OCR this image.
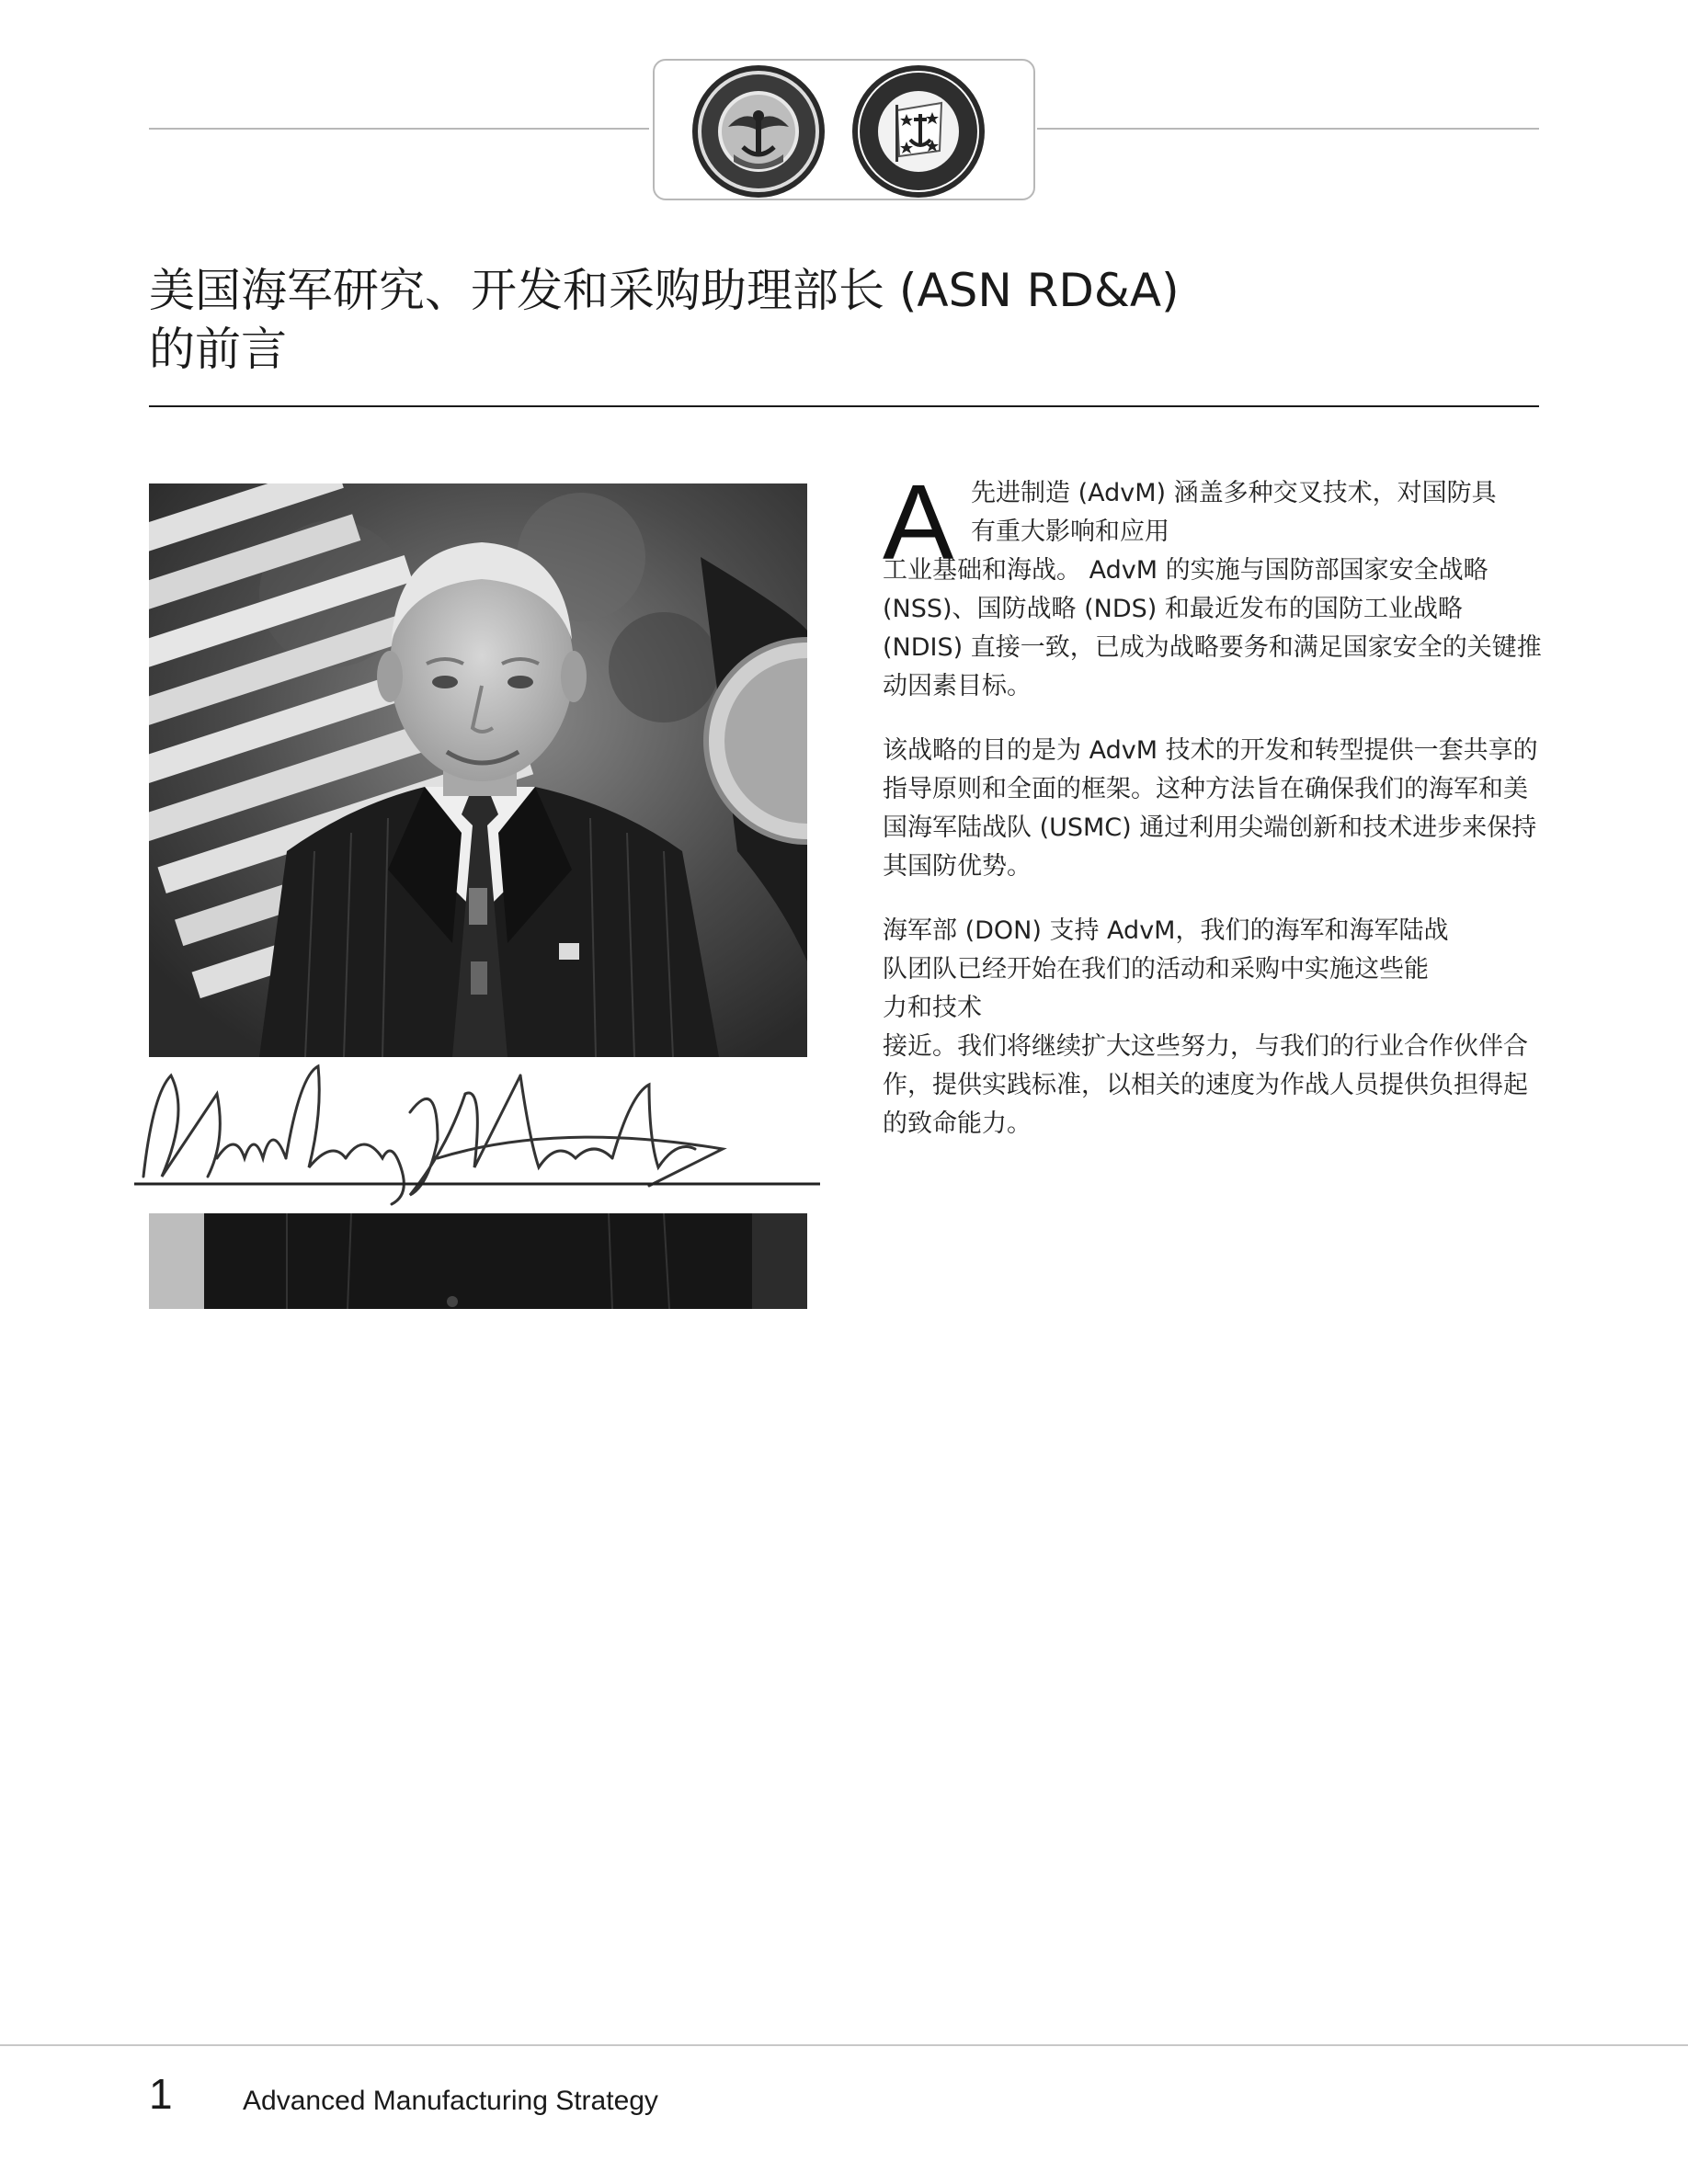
美国海军研究、开发和采购助理部长 (ASN RD&A)
的前言
A 先进制造 (AdvM) 涵盖多种交叉技术，对国防具

有重大影响和应用

工业基础和海战。 AdvM 的实施与国防部国家安全战略 (NSS)、国防战略 (NDS) 和最近发布的国防工业战略 (NDIS) 直接一致，已成为战略要务和满足国家安全的关键推动因素目标。

该战略的目的是为 AdvM 技术的开发和转型提供一套共享的指导原则和全面的框架。这种方法旨在确保我们的海军和美国海军陆战队 (USMC) 通过利用尖端创新和技术进步来保持其国防优势。

海军部 (DON) 支持 AdvM，我们的海军和海军陆战

队团队已经开始在我们的活动和采购中实施这些能

力和技术

接近。我们将继续扩大这些努力，与我们的行业合作伙伴合作，提供实践标准，以相关的速度为作战人员提供负担得起的致命能力。

1	Advanced Manufacturing Strategy
